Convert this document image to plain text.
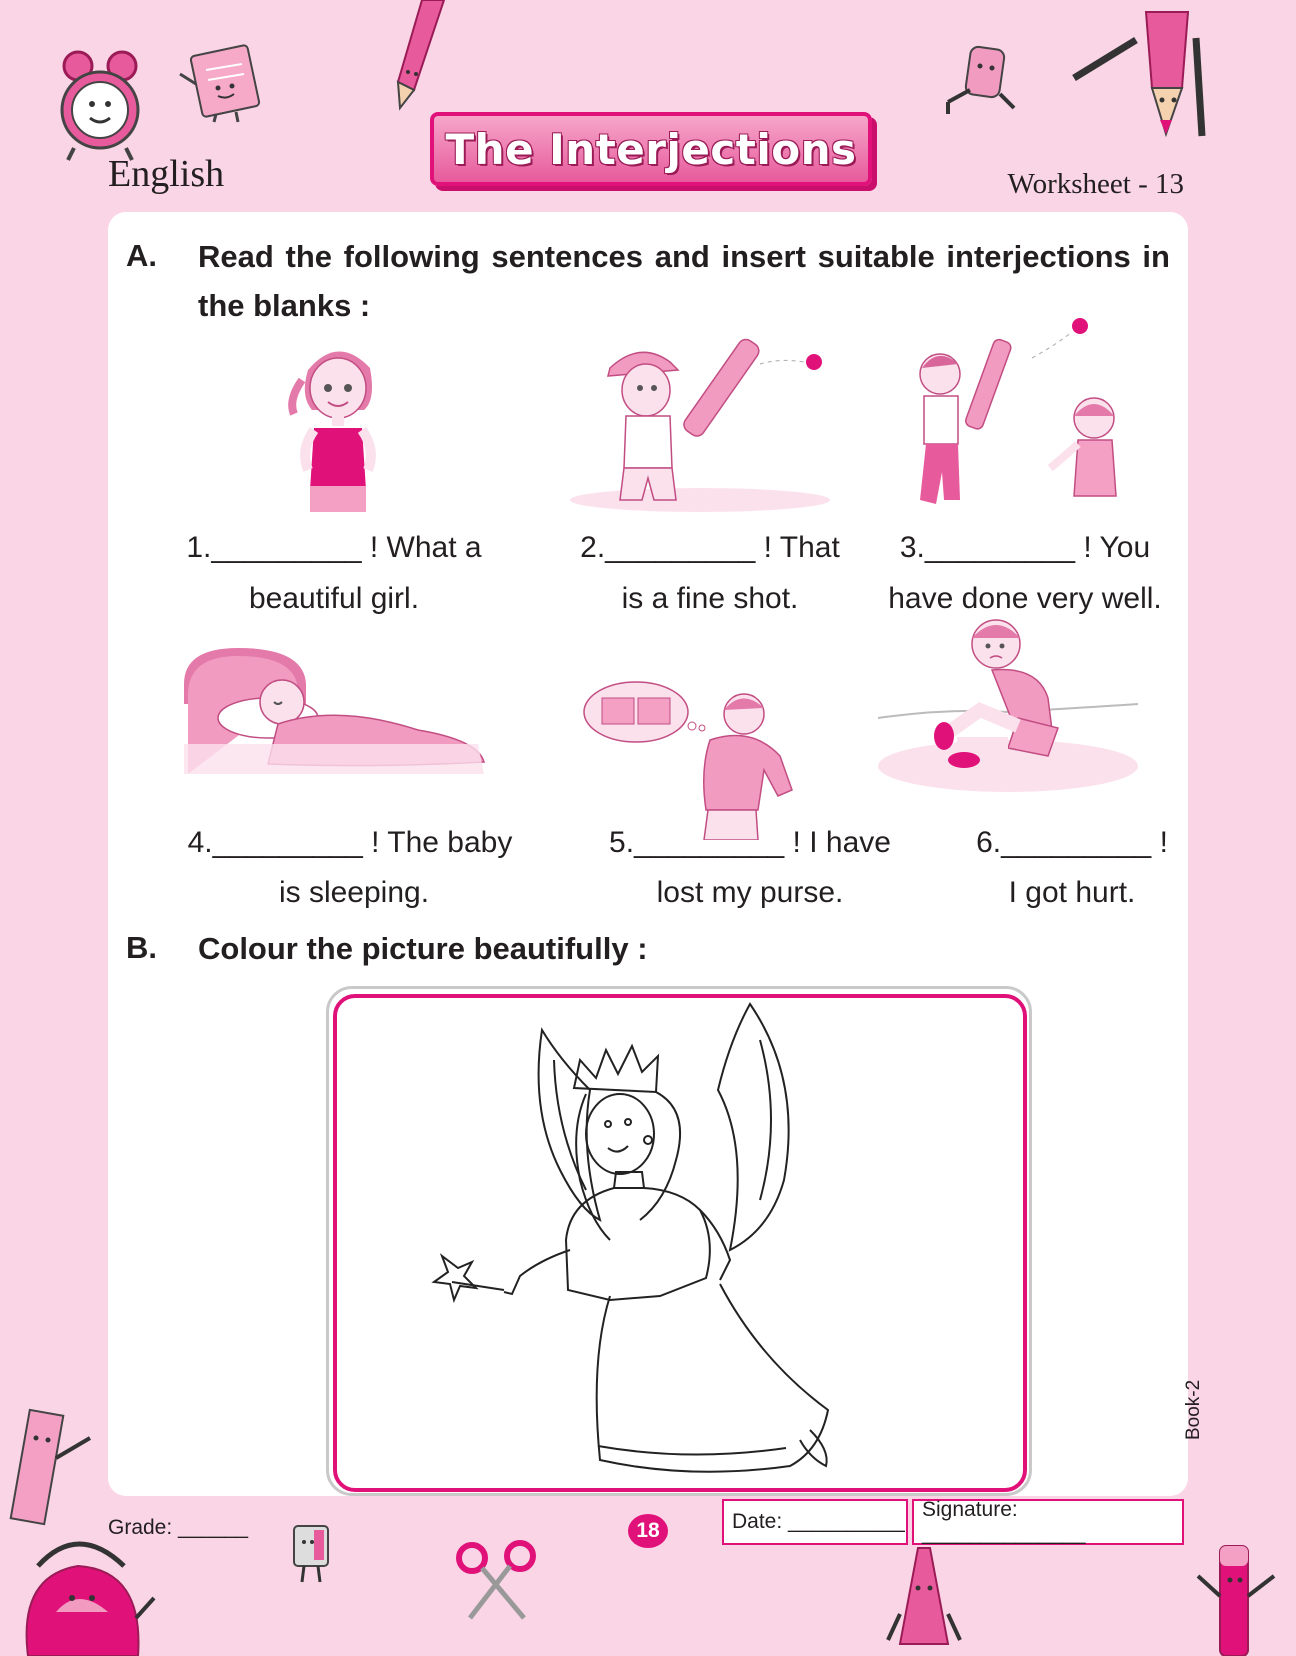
The Interjections
English	Worksheet - 13
A. Read the following sentences and insert suitable interjections in
the blanks :
1._________ ! What a
beautiful girl.
2._________ ! That
is a fine shot.
3._________ ! You
have done very well.
4._________ ! The baby
is sleeping.
5._________ ! I have
lost my purse.
6._________ !
I got hurt.
B. Colour the picture beautifully :
Grade: ______	18	Date: __________
Signature: ______________
Book-2
